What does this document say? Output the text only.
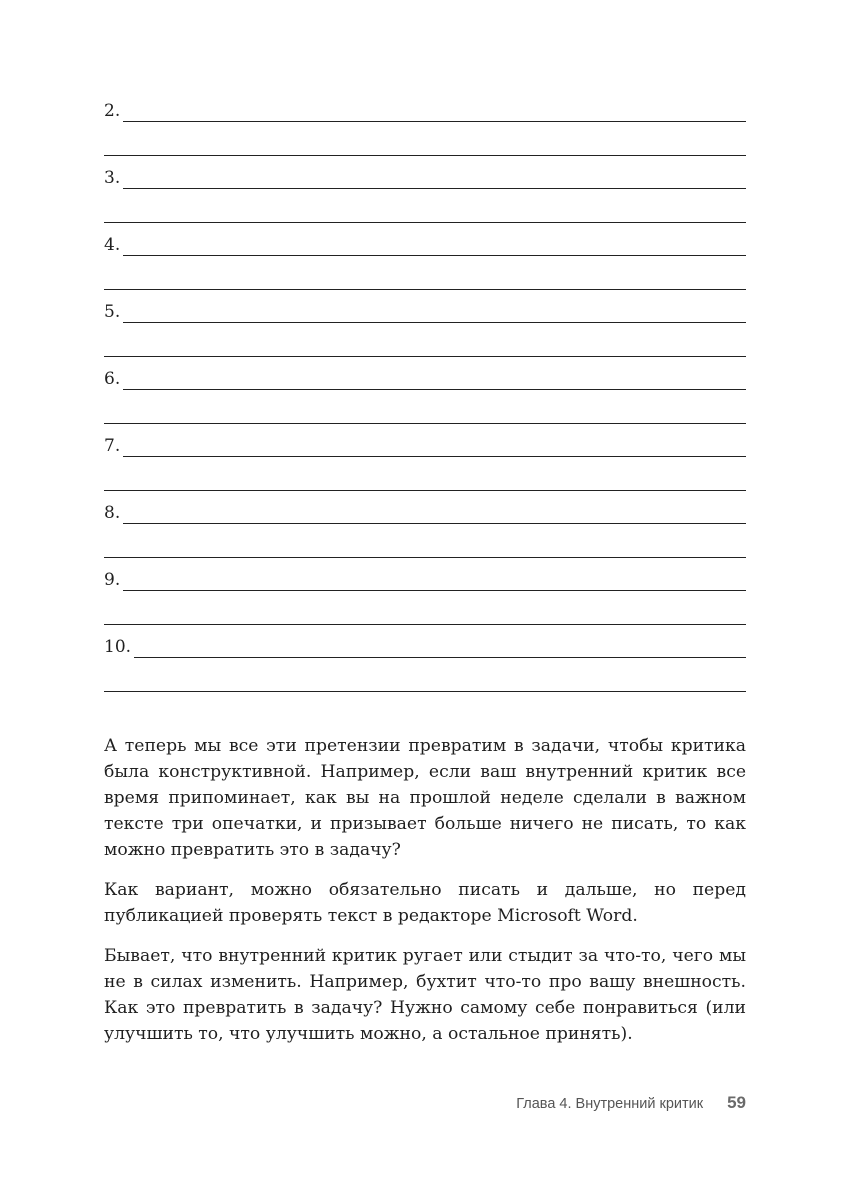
2.
3.
4.
5.
6.
7.
8.
9.
10.

А теперь мы все эти претензии превратим в задачи, чтобы критика была конструктивной. Например, если ваш внутренний критик все время припоминает, как вы на прошлой неделе сделали в важном тексте три опечатки, и призывает больше ничего не писать, то как можно превратить это в задачу?

Как вариант, можно обязательно писать и дальше, но перед публикацией проверять текст в редакторе Microsoft Word.

Бывает, что внутренний критик ругает или стыдит за что-то, чего мы не в силах изменить. Например, бухтит что-то про вашу внешность. Как это превратить в задачу? Нужно самому себе понравиться (или улучшить то, что улучшить можно, а остальное принять).

Глава 4. Внутренний критик 59
